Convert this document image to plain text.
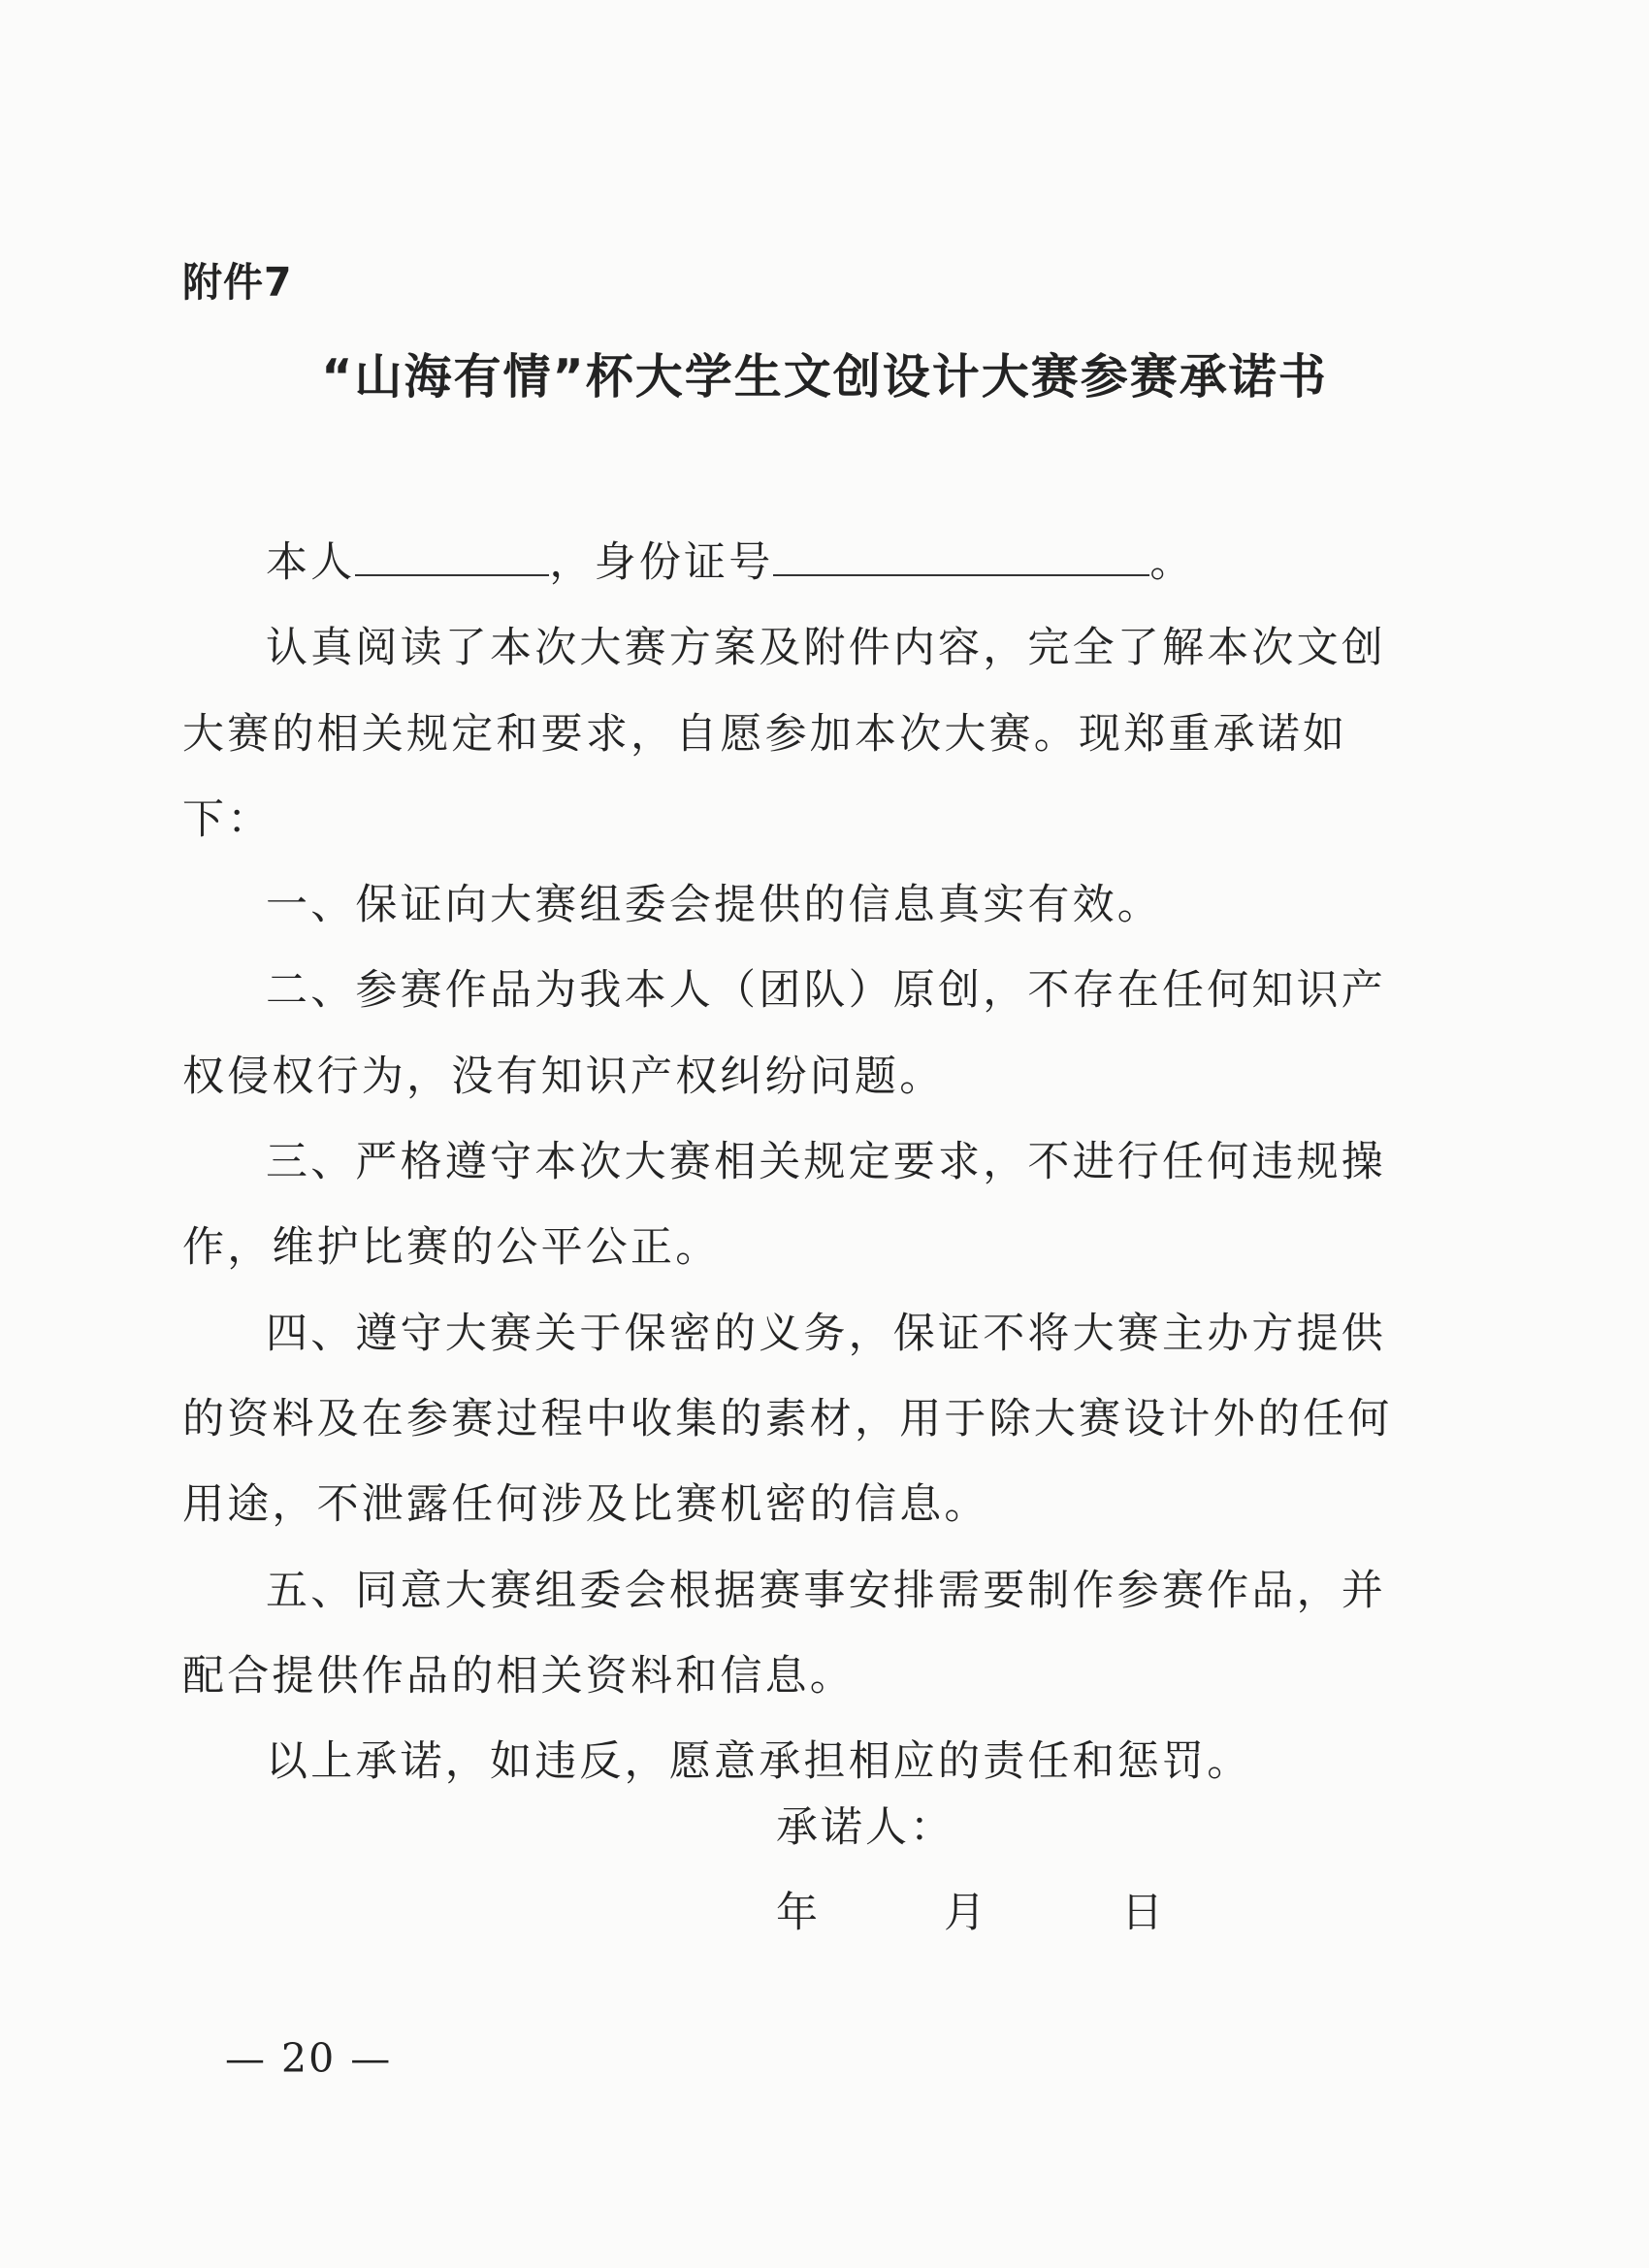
附件7
“山海有情”杯大学生文创设计大赛参赛承诺书

本人	，身份证号	。

认真阅读了本次大赛方案及附件内容，完全了解本次文创大赛的相关规定和要求，自愿参加本次大赛。现郑重承诺如下：

一、保证向大赛组委会提供的信息真实有效。

二、参赛作品为我本人（团队）原创，不存在任何知识产权侵权行为，没有知识产权纠纷问题。

三、严格遵守本次大赛相关规定要求，不进行任何违规操作，维护比赛的公平公正。

四、遵守大赛关于保密的义务，保证不将大赛主办方提供的资料及在参赛过程中收集的素材，用于除大赛设计外的任何用途，不泄露任何涉及比赛机密的信息。

五、同意大赛组委会根据赛事安排需要制作参赛作品，并配合提供作品的相关资料和信息。

以上承诺，如违反，愿意承担相应的责任和惩罚。

承诺人：
年	月	日
— 20 —
